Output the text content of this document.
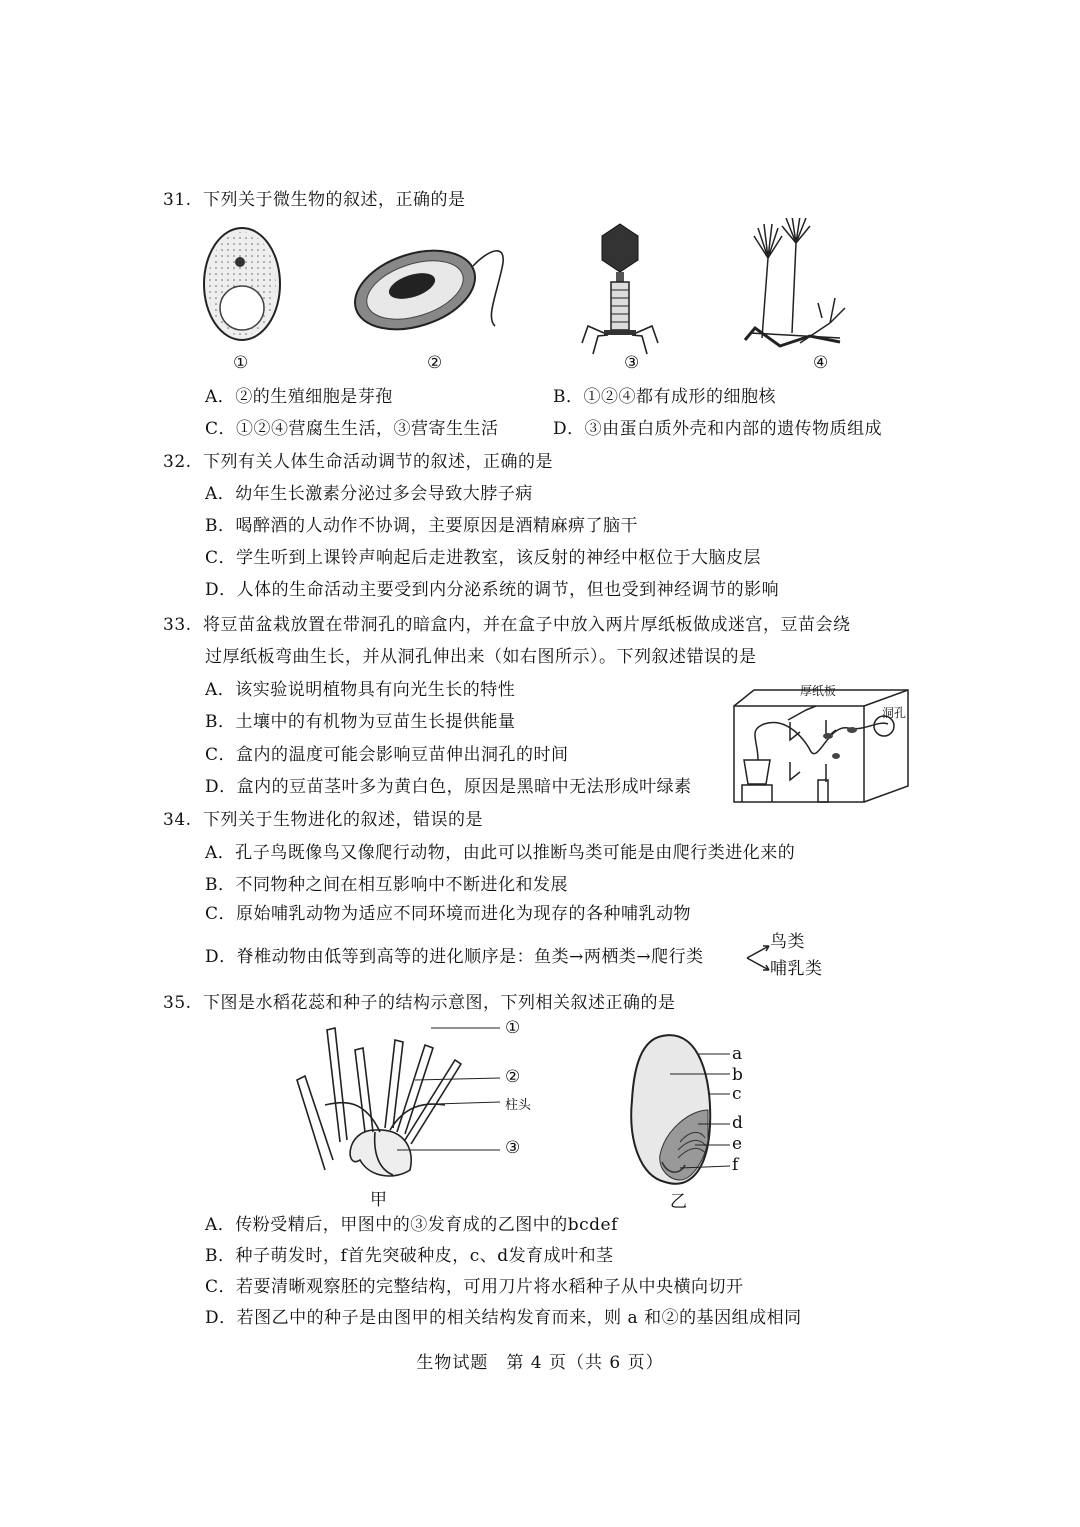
31. 下列关于微生物的叙述，正确的是
①	②	③	④
A．②的生殖细胞是芽孢	B．①②④都有成形的细胞核
C．①②④营腐生生活，③营寄生生活	D．③由蛋白质外壳和内部的遗传物质组成
32. 下列有关人体生命活动调节的叙述，正确的是
A．幼年生长激素分泌过多会导致大脖子病
B．喝醉酒的人动作不协调，主要原因是酒精麻痹了脑干
C．学生听到上课铃声响起后走进教室，该反射的神经中枢位于大脑皮层
D．人体的生命活动主要受到内分泌系统的调节，但也受到神经调节的影响
33. 将豆苗盆栽放置在带洞孔的暗盒内，并在盒子中放入两片厚纸板做成迷宫，豆苗会绕
过厚纸板弯曲生长，并从洞孔伸出来（如右图所示）。下列叙述错误的是
A．该实验说明植物具有向光生长的特性
B．土壤中的有机物为豆苗生长提供能量
C．盒内的温度可能会影响豆苗伸出洞孔的时间
D．盒内的豆苗茎叶多为黄白色，原因是黑暗中无法形成叶绿素
厚纸板
洞孔
34. 下列关于生物进化的叙述，错误的是
A．孔子鸟既像鸟又像爬行动物，由此可以推断鸟类可能是由爬行类进化来的
B．不同物种之间在相互影响中不断进化和发展
C．原始哺乳动物为适应不同环境而进化为现存的各种哺乳动物
D．脊椎动物由低等到高等的进化顺序是：鱼类→两栖类→爬行类
鸟类
哺乳类
35. 下图是水稻花蕊和种子的结构示意图，下列相关叙述正确的是
①
②
柱头
③
甲
a
b
c
d
e
f
乙
A．传粉受精后，甲图中的③发育成的乙图中的bcdef
B．种子萌发时，f首先突破种皮，c、d发育成叶和茎
C．若要清晰观察胚的完整结构，可用刀片将水稻种子从中央横向切开
D．若图乙中的种子是由图甲的相关结构发育而来，则 a 和②的基因组成相同
生物试题　第 4 页（共 6 页）
